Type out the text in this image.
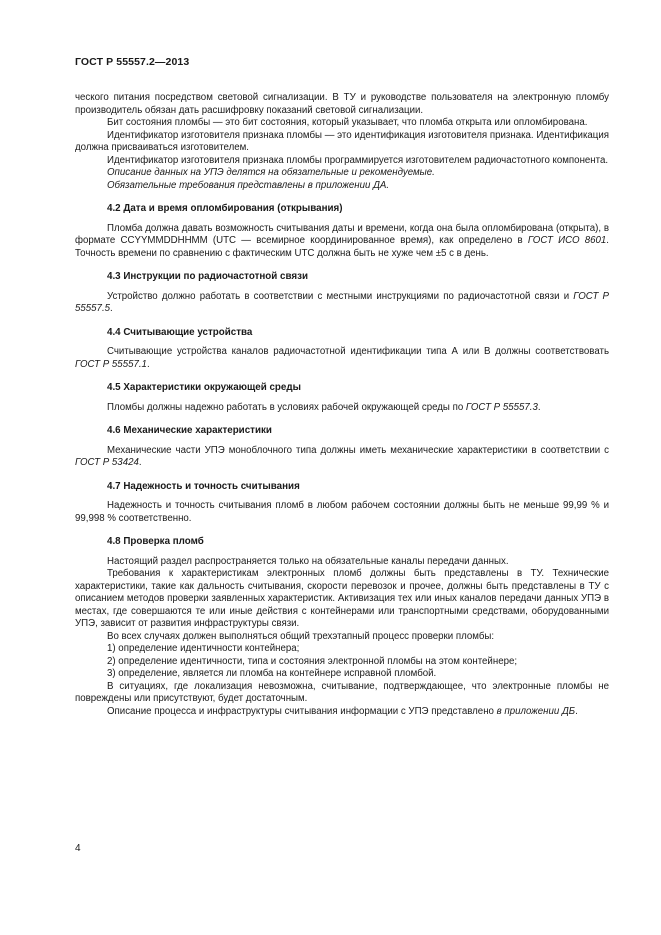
ГОСТ Р 55557.2—2013

ческого питания посредством световой сигнализации. В ТУ и руководстве пользователя на электронную пломбу производитель обязан дать расшифровку показаний световой сигнализации.

Бит состояния пломбы — это бит состояния, который указывает, что пломба открыта или опломбирована.

Идентификатор изготовителя признака пломбы — это идентификация изготовителя признака. Идентификация должна присваиваться изготовителем.

Идентификатор изготовителя признака пломбы программируется изготовителем радиочастотного компонента.

Описание данных на УПЭ делятся на обязательные и рекомендуемые.

Обязательные требования представлены в приложении ДА.

4.2 Дата и время опломбирования (открывания)

Пломба должна давать возможность считывания даты и времени, когда она была опломбирована (открыта), в формате CCYYMMDDHHMM (UTC — всемирное координированное время), как определено в ГОСТ ИСО 8601. Точность времени по сравнению с фактическим UTC должна быть не хуже чем ±5 с в день.

4.3 Инструкции по радиочастотной связи

Устройство должно работать в соответствии с местными инструкциями по радиочастотной связи и ГОСТ Р 55557.5.

4.4 Считывающие устройства

Считывающие устройства каналов радиочастотной идентификации типа А или В должны соответствовать ГОСТ Р 55557.1.

4.5 Характеристики окружающей среды

Пломбы должны надежно работать в условиях рабочей окружающей среды по ГОСТ Р 55557.3.

4.6 Механические характеристики

Механические части УПЭ моноблочного типа должны иметь механические характеристики в соответствии с ГОСТ Р 53424.

4.7 Надежность и точность считывания

Надежность и точность считывания пломб в любом рабочем состоянии должны быть не меньше 99,99 % и 99,998 % соответственно.

4.8 Проверка пломб

Настоящий раздел распространяется только на обязательные каналы передачи данных.

Требования к характеристикам электронных пломб должны быть представлены в ТУ. Технические характеристики, такие как дальность считывания, скорости перевозок и прочее, должны быть представлены в ТУ с описанием методов проверки заявленных характеристик. Активизация тех или иных каналов передачи данных УПЭ в местах, где совершаются те или иные действия с контейнерами или транспортными средствами, оборудованными УПЭ, зависит от развития инфраструктуры связи.

Во всех случаях должен выполняться общий трехэтапный процесс проверки пломбы:

1) определение идентичности контейнера;

2) определение идентичности, типа и состояния электронной пломбы на этом контейнере;

3) определение, является ли пломба на контейнере исправной пломбой.

В ситуациях, где локализация невозможна, считывание, подтверждающее, что электронные пломбы не повреждены или присутствуют, будет достаточным.

Описание процесса и инфраструктуры считывания информации с УПЭ представлено в приложении ДБ.

4
